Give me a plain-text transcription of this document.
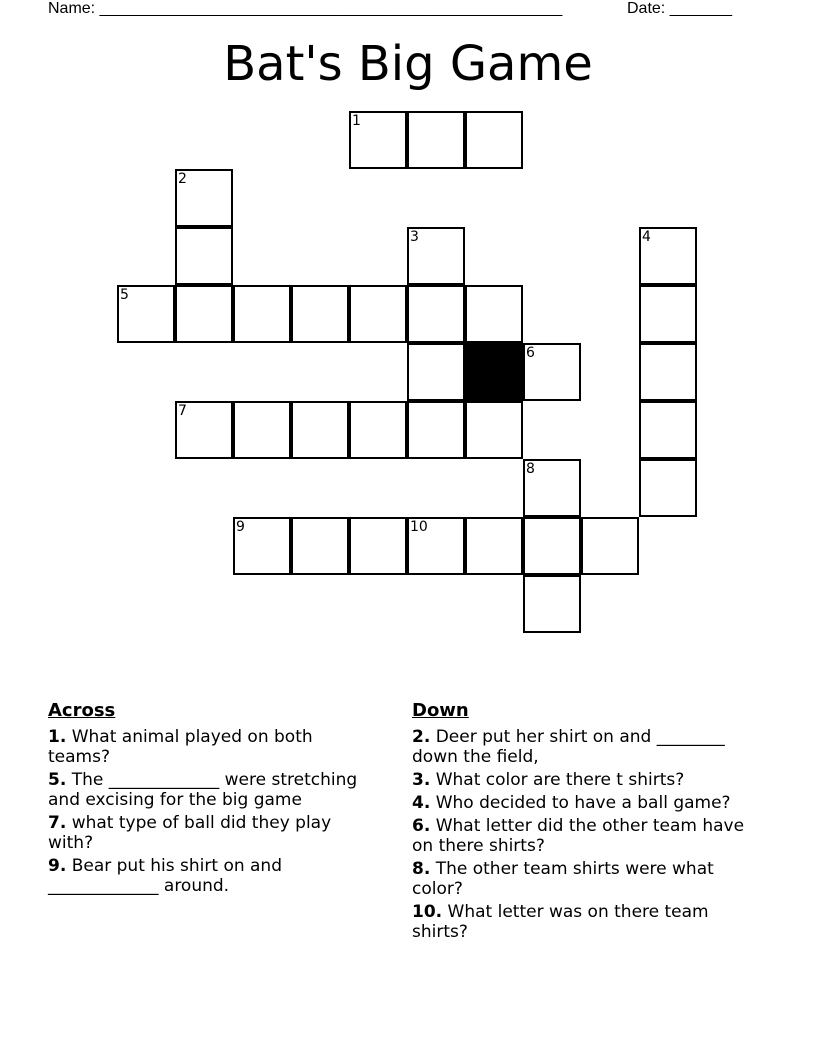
Name: ____________________________________________________

	Date: _______

Bat's Big Game
1
2
3	4
5
6
7
8
9	10
Across
1. What animal played on both teams?
5. The _____________ were stretching and excising for the big game
7. what type of ball did they play with?
9. Bear put his shirt on and _____________ around.
Down
2. Deer put her shirt on and ________ down the field,
3. What color are there t shirts?
4. Who decided to have a ball game?
6. What letter did the other team have on there shirts?
8. The other team shirts were what color?
10. What letter was on there team shirts?
